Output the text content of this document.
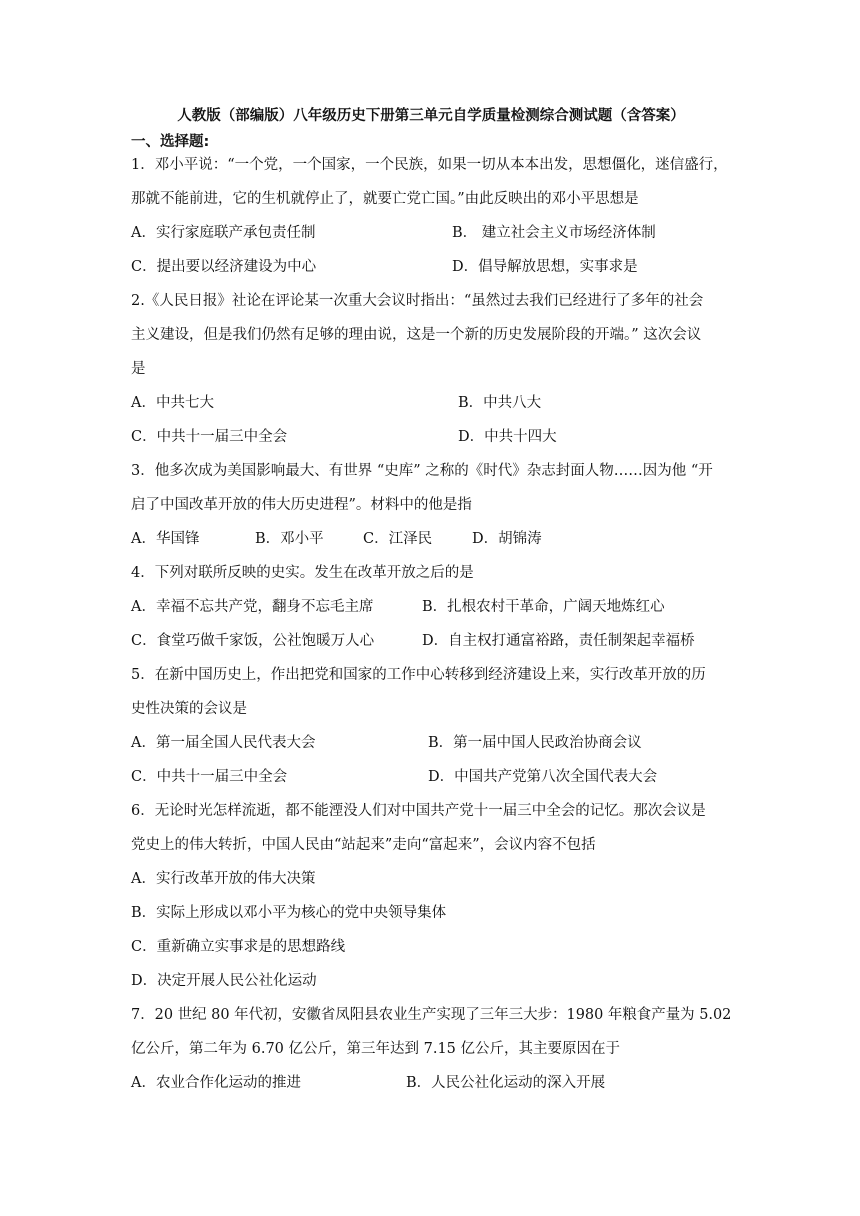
人教版（部编版）八年级历史下册第三单元自学质量检测综合测试题（含答案）
一、选择题:
1．邓小平说：“一个党，一个国家，一个民族，如果一切从本本出发，思想僵化，迷信盛行，
那就不能前进，它的生机就停止了，就要亡党亡国。”由此反映出的邓小平思想是
A．实行家庭联产承包责任制	B． 建立社会主义市场经济体制
C．提出要以经济建设为中心	D．倡导解放思想，实事求是
2.《人民日报》社论在评论某一次重大会议时指出：“虽然过去我们已经进行了多年的社会
主义建设，但是我们仍然有足够的理由说，这是一个新的历史发展阶段的开端。” 这次会议
是
A．中共七大	B．中共八大
C．中共十一届三中全会	D．中共十四大
3．他多次成为美国影响最大、有世界 “史库” 之称的《时代》杂志封面人物……因为他 “开
启了中国改革开放的伟大历史进程”。材料中的他是指
A．华国锋	B．邓小平	C．江泽民	D．胡锦涛
4．下列对联所反映的史实。发生在改革开放之后的是
A．幸福不忘共产党，翻身不忘毛主席	B．扎根农村干革命，广阔天地炼红心
C．食堂巧做千家饭，公社饱暖万人心	D．自主权打通富裕路，责任制架起幸福桥
5．在新中国历史上，作出把党和国家的工作中心转移到经济建设上来，实行改革开放的历
史性决策的会议是
A．第一届全国人民代表大会	B．第一届中国人民政治协商会议
C．中共十一届三中全会	D．中国共产党第八次全国代表大会
6．无论时光怎样流逝，都不能湮没人们对中国共产党十一届三中全会的记忆。那次会议是
党史上的伟大转折，中国人民由“站起来”走向“富起来”，会议内容不包括
A．实行改革开放的伟大决策
B．实际上形成以邓小平为核心的党中央领导集体
C．重新确立实事求是的思想路线
D．决定开展人民公社化运动
7．20 世纪 80 年代初，安徽省凤阳县农业生产实现了三年三大步：1980 年粮食产量为 5.02
亿公斤，第二年为 6.70 亿公斤，第三年达到 7.15 亿公斤，其主要原因在于
A．农业合作化运动的推进	B．人民公社化运动的深入开展
